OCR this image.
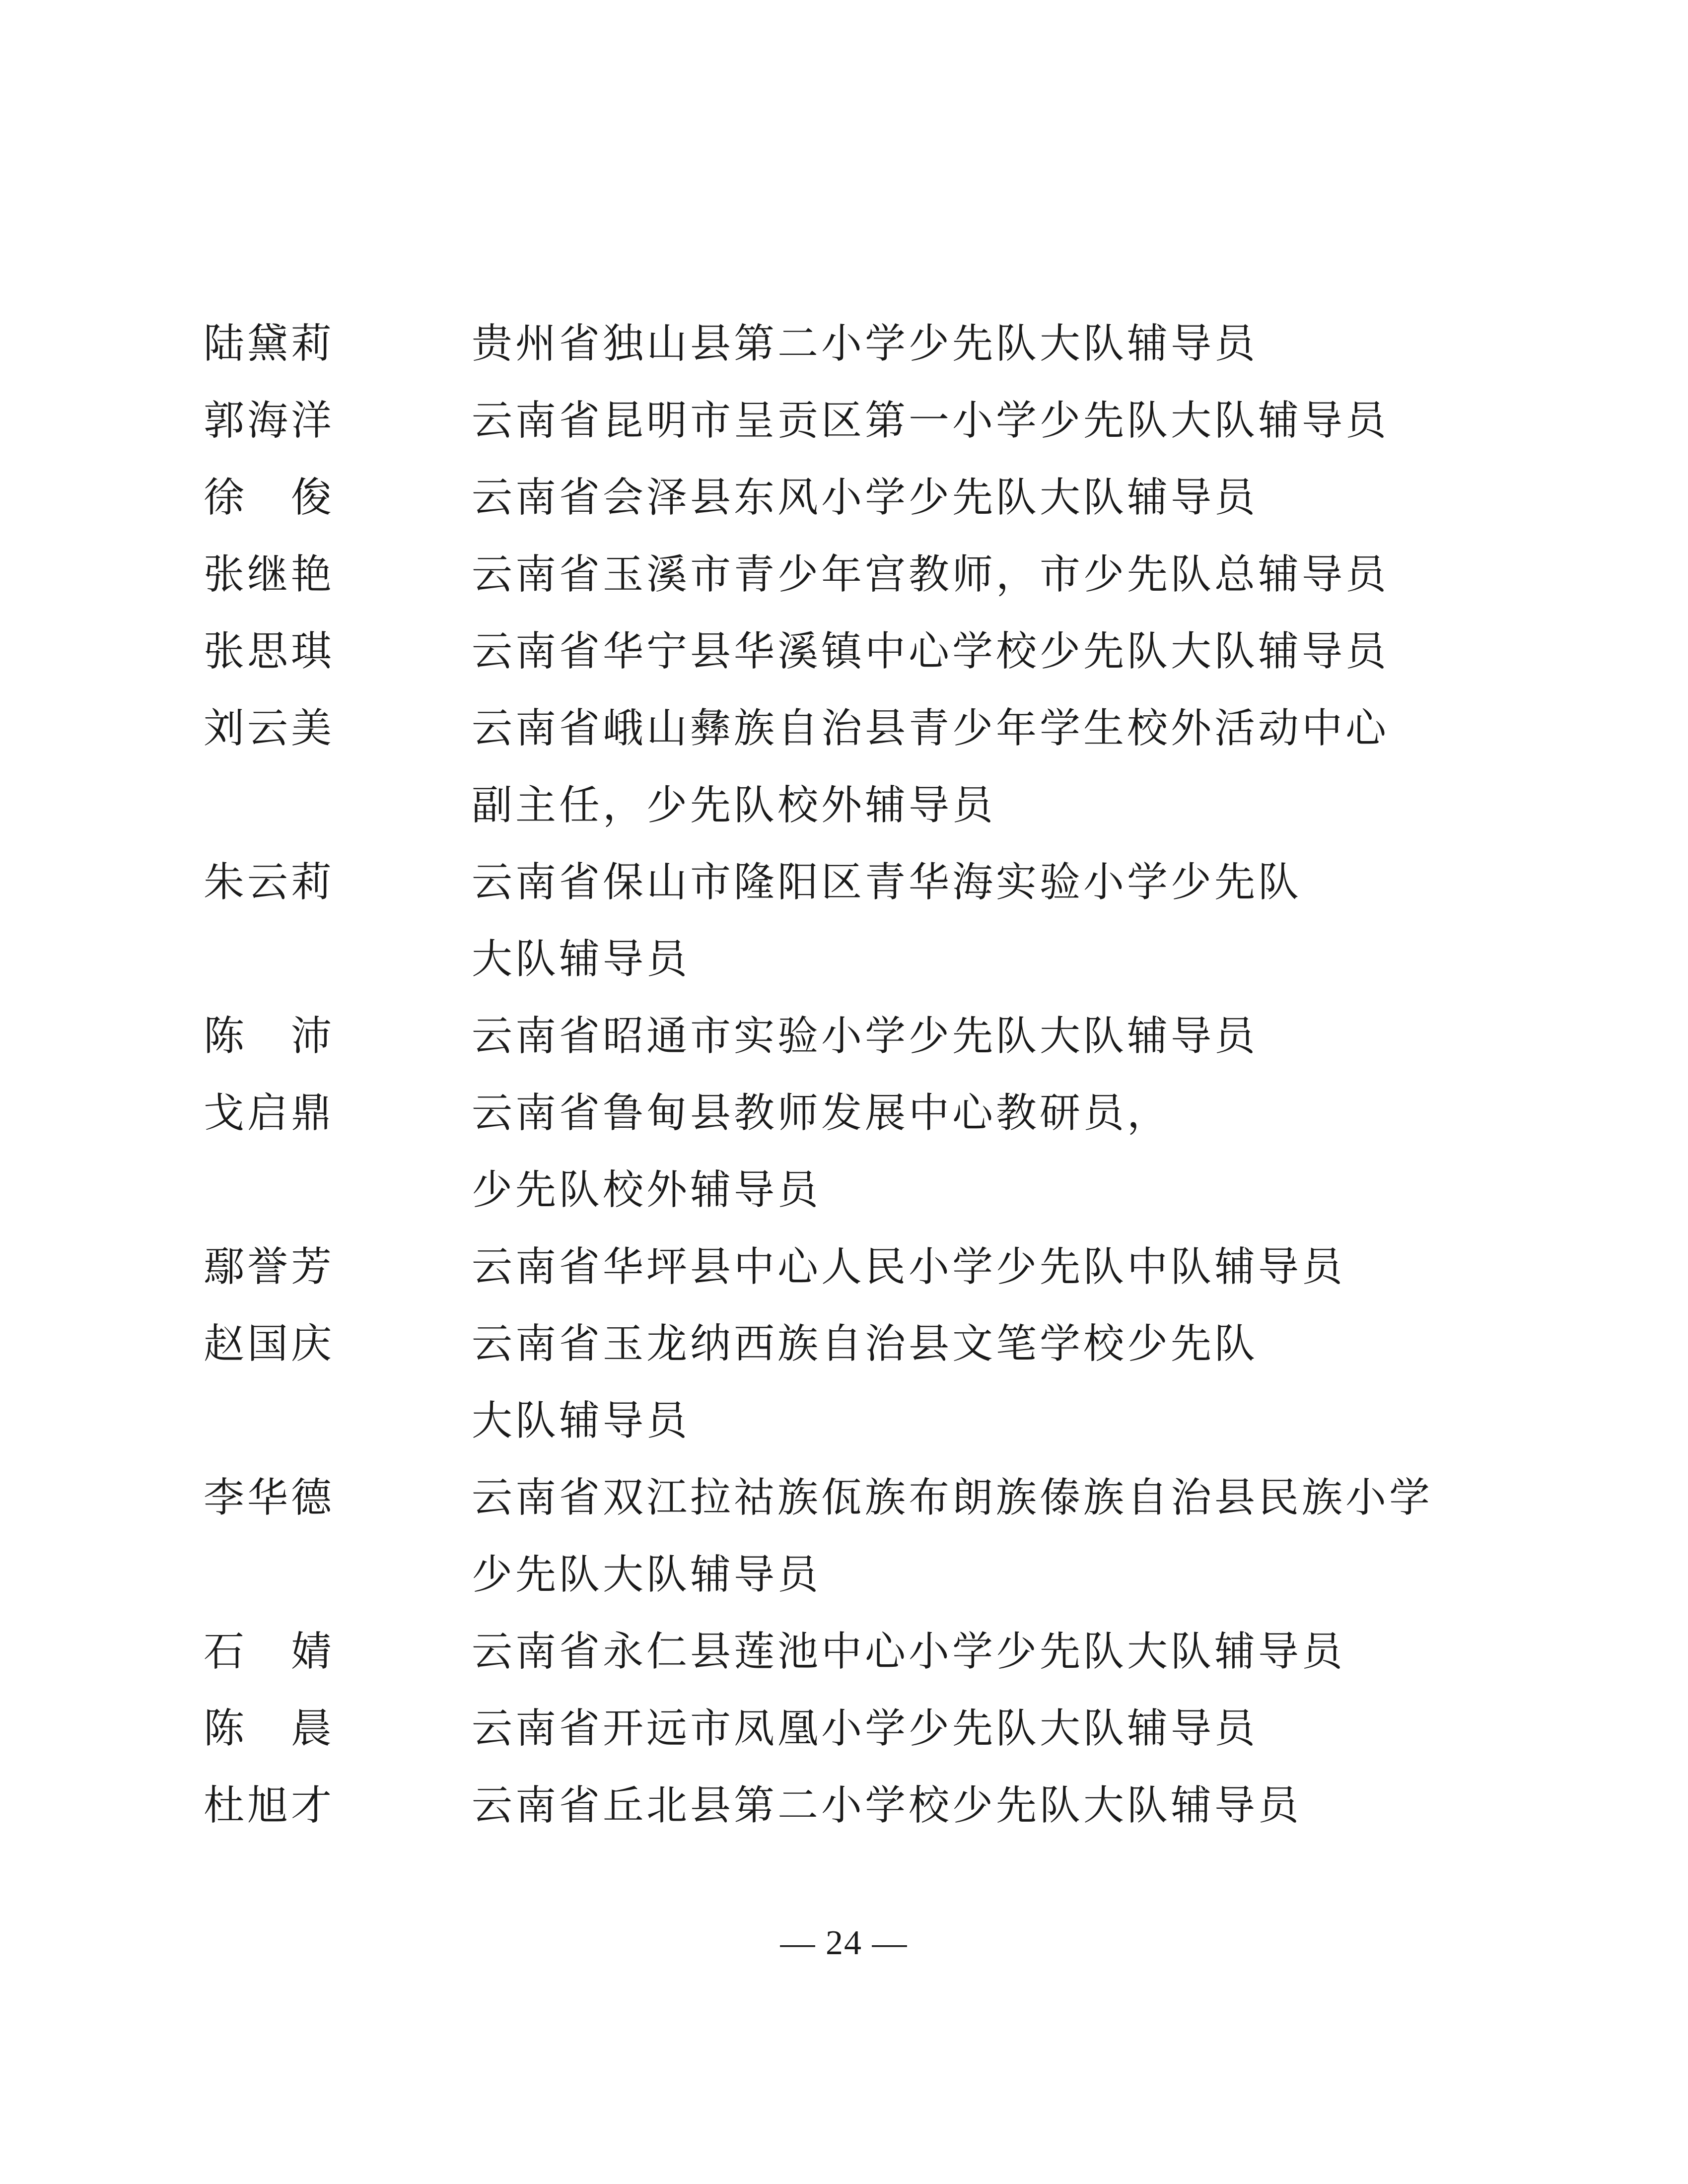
陆黛莉	贵州省独山县第二小学少先队大队辅导员
郭海洋	云南省昆明市呈贡区第一小学少先队大队辅导员
徐　俊	云南省会泽县东风小学少先队大队辅导员
张继艳	云南省玉溪市青少年宫教师，市少先队总辅导员
张思琪	云南省华宁县华溪镇中心学校少先队大队辅导员
刘云美	云南省峨山彝族自治县青少年学生校外活动中心
副主任，少先队校外辅导员
朱云莉	云南省保山市隆阳区青华海实验小学少先队
大队辅导员
陈　沛	云南省昭通市实验小学少先队大队辅导员
戈启鼎	云南省鲁甸县教师发展中心教研员，
少先队校外辅导员
鄢誉芳	云南省华坪县中心人民小学少先队中队辅导员
赵国庆	云南省玉龙纳西族自治县文笔学校少先队
大队辅导员
李华德	云南省双江拉祜族佤族布朗族傣族自治县民族小学
少先队大队辅导员
石　婧	云南省永仁县莲池中心小学少先队大队辅导员
陈　晨	云南省开远市凤凰小学少先队大队辅导员
杜旭才	云南省丘北县第二小学校少先队大队辅导员
— 24 —
